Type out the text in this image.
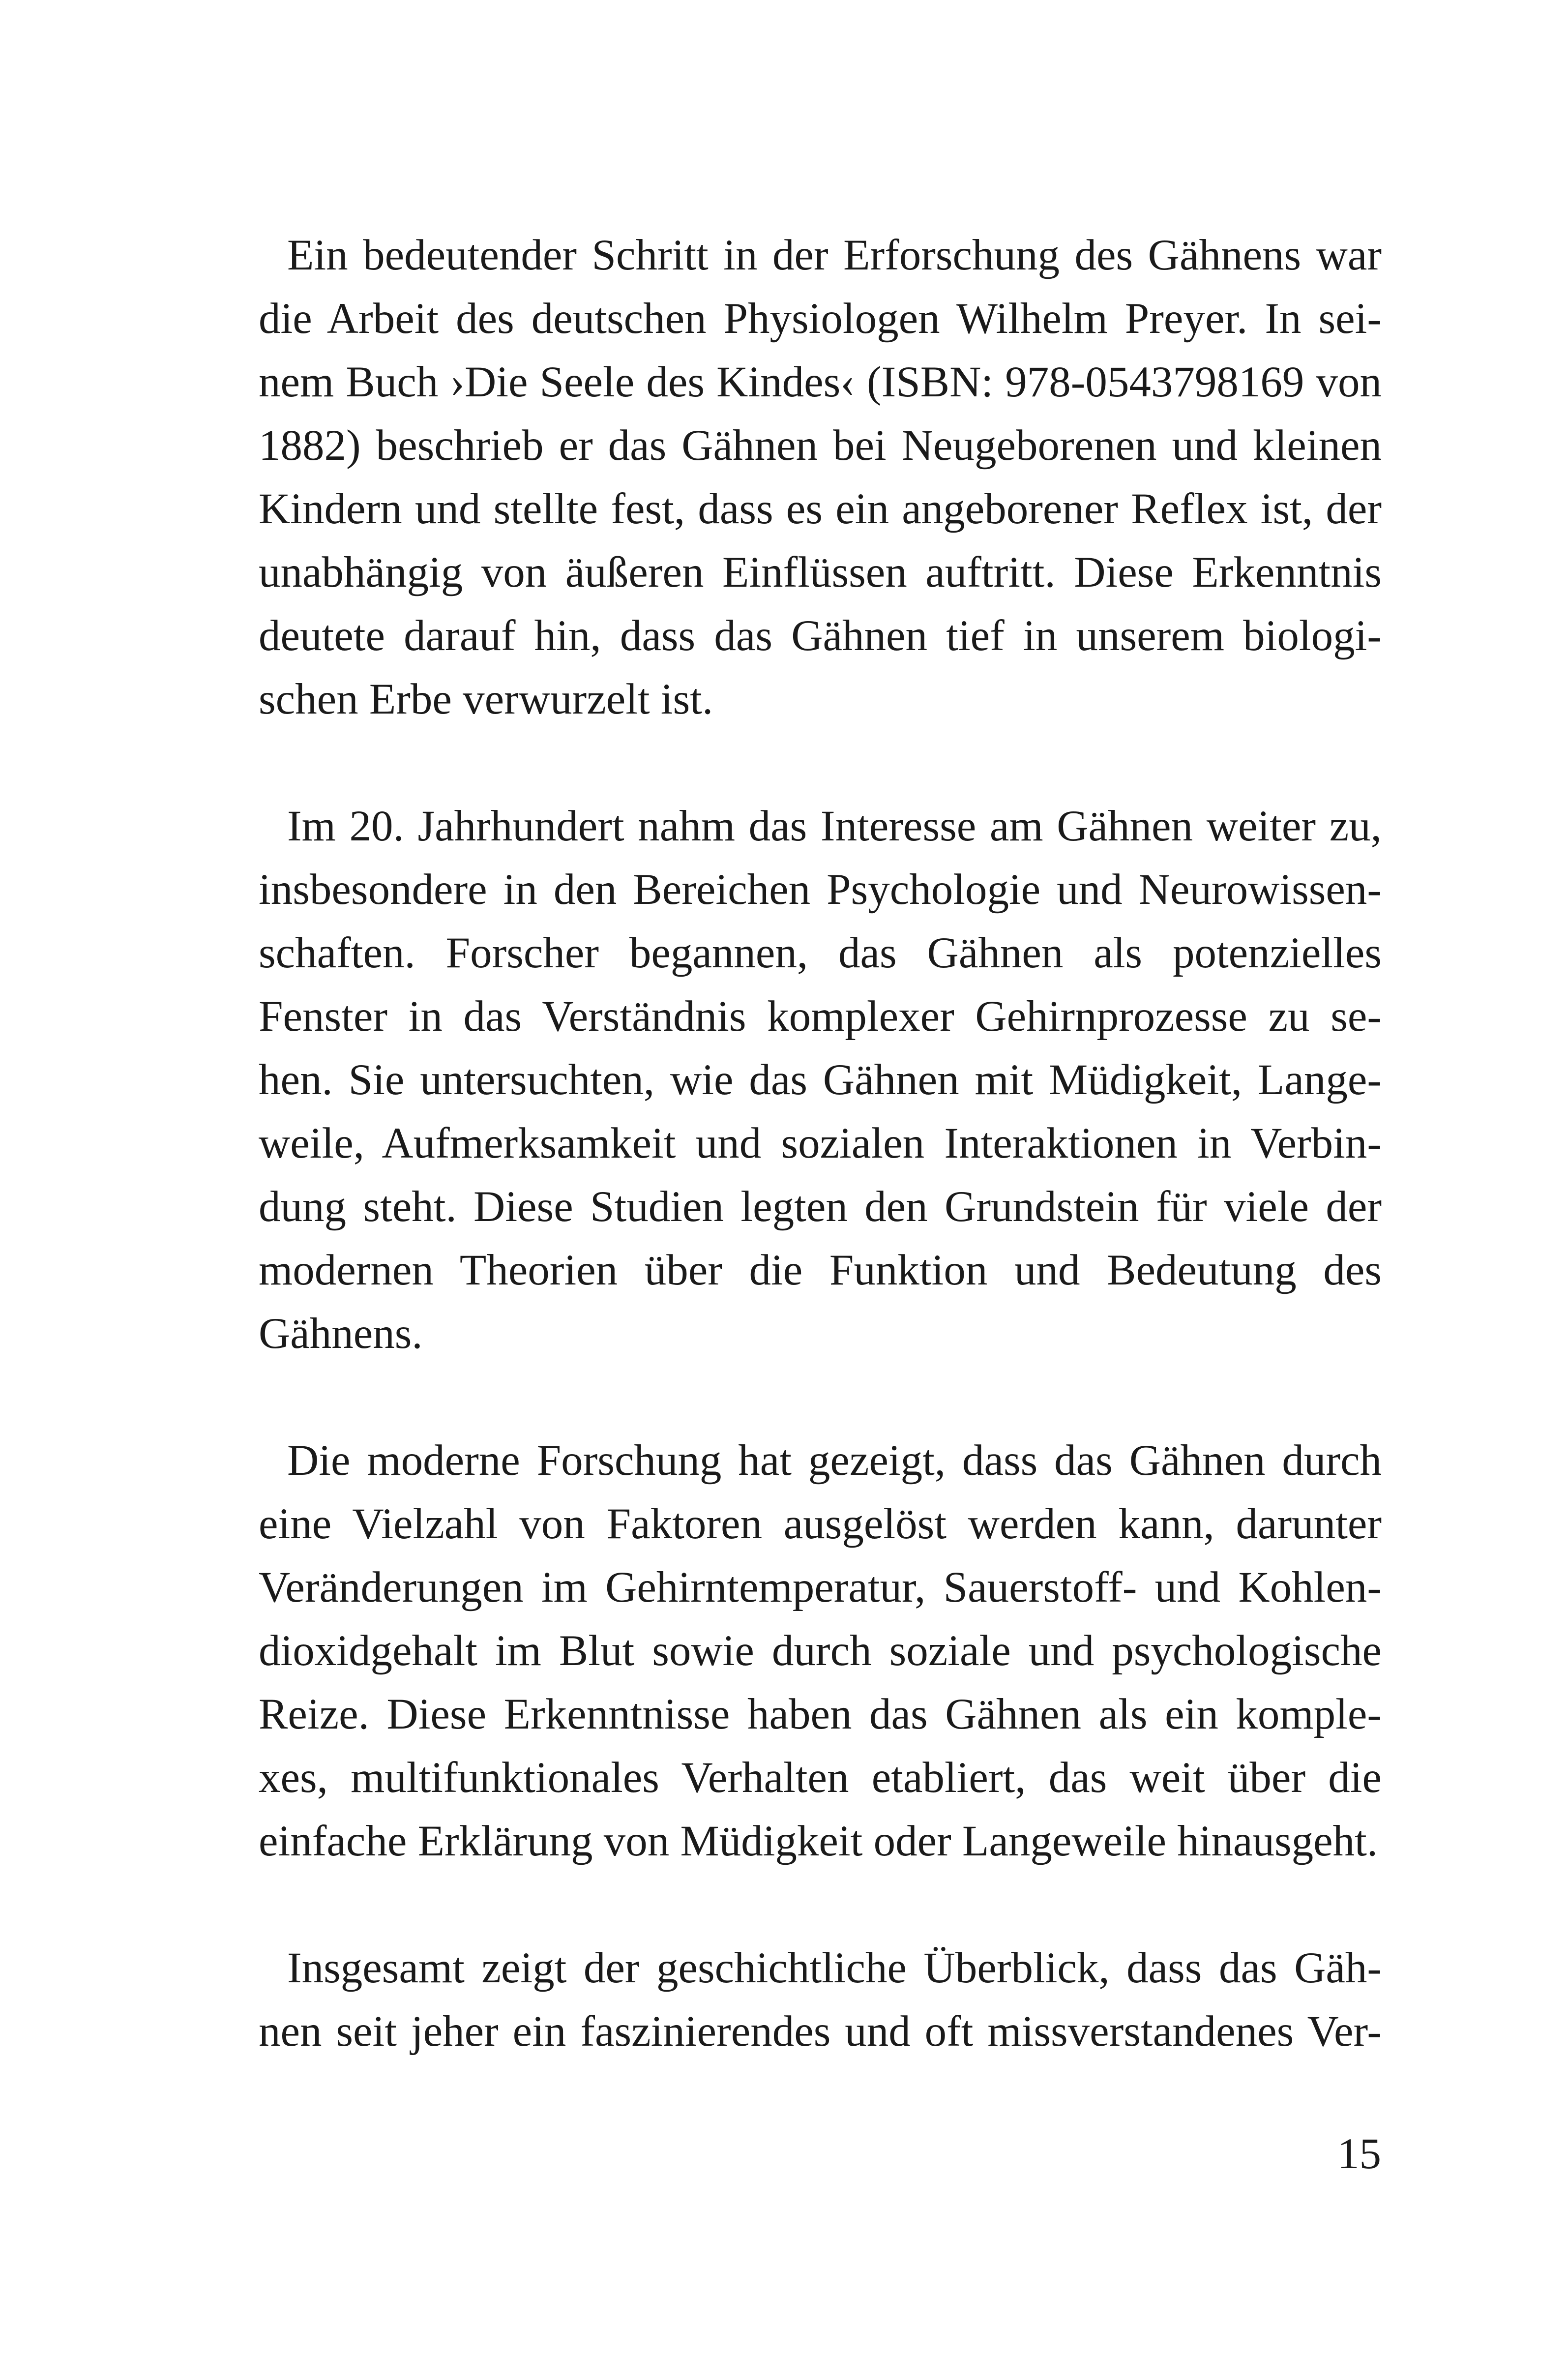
Ein bedeutender Schritt in der Erforschung des Gähnens war
die Arbeit des deutschen Physiologen Wilhelm Preyer. In sei-
nem Buch ›Die Seele des Kindes‹ (ISBN: 978-0543798169 von
1882) beschrieb er das Gähnen bei Neugeborenen und kleinen
Kindern und stellte fest, dass es ein angeborener Reflex ist, der
unabhängig von äußeren Einflüssen auftritt. Diese Erkenntnis
deutete darauf hin, dass das Gähnen tief in unserem biologi-
schen Erbe verwurzelt ist.

Im 20. Jahrhundert nahm das Interesse am Gähnen weiter zu,
insbesondere in den Bereichen Psychologie und Neurowissen-
schaften. Forscher begannen, das Gähnen als potenzielles
Fenster in das Verständnis komplexer Gehirnprozesse zu se-
hen. Sie untersuchten, wie das Gähnen mit Müdigkeit, Lange-
weile, Aufmerksamkeit und sozialen Interaktionen in Verbin-
dung steht. Diese Studien legten den Grundstein für viele der
modernen Theorien über die Funktion und Bedeutung des
Gähnens.

Die moderne Forschung hat gezeigt, dass das Gähnen durch
eine Vielzahl von Faktoren ausgelöst werden kann, darunter
Veränderungen im Gehirntemperatur, Sauerstoff- und Kohlen-
dioxidgehalt im Blut sowie durch soziale und psychologische
Reize. Diese Erkenntnisse haben das Gähnen als ein komple-
xes, multifunktionales Verhalten etabliert, das weit über die
einfache Erklärung von Müdigkeit oder Langeweile hinausgeht.

Insgesamt zeigt der geschichtliche Überblick, dass das Gäh-
nen seit jeher ein faszinierendes und oft missverstandenes Ver-

15
